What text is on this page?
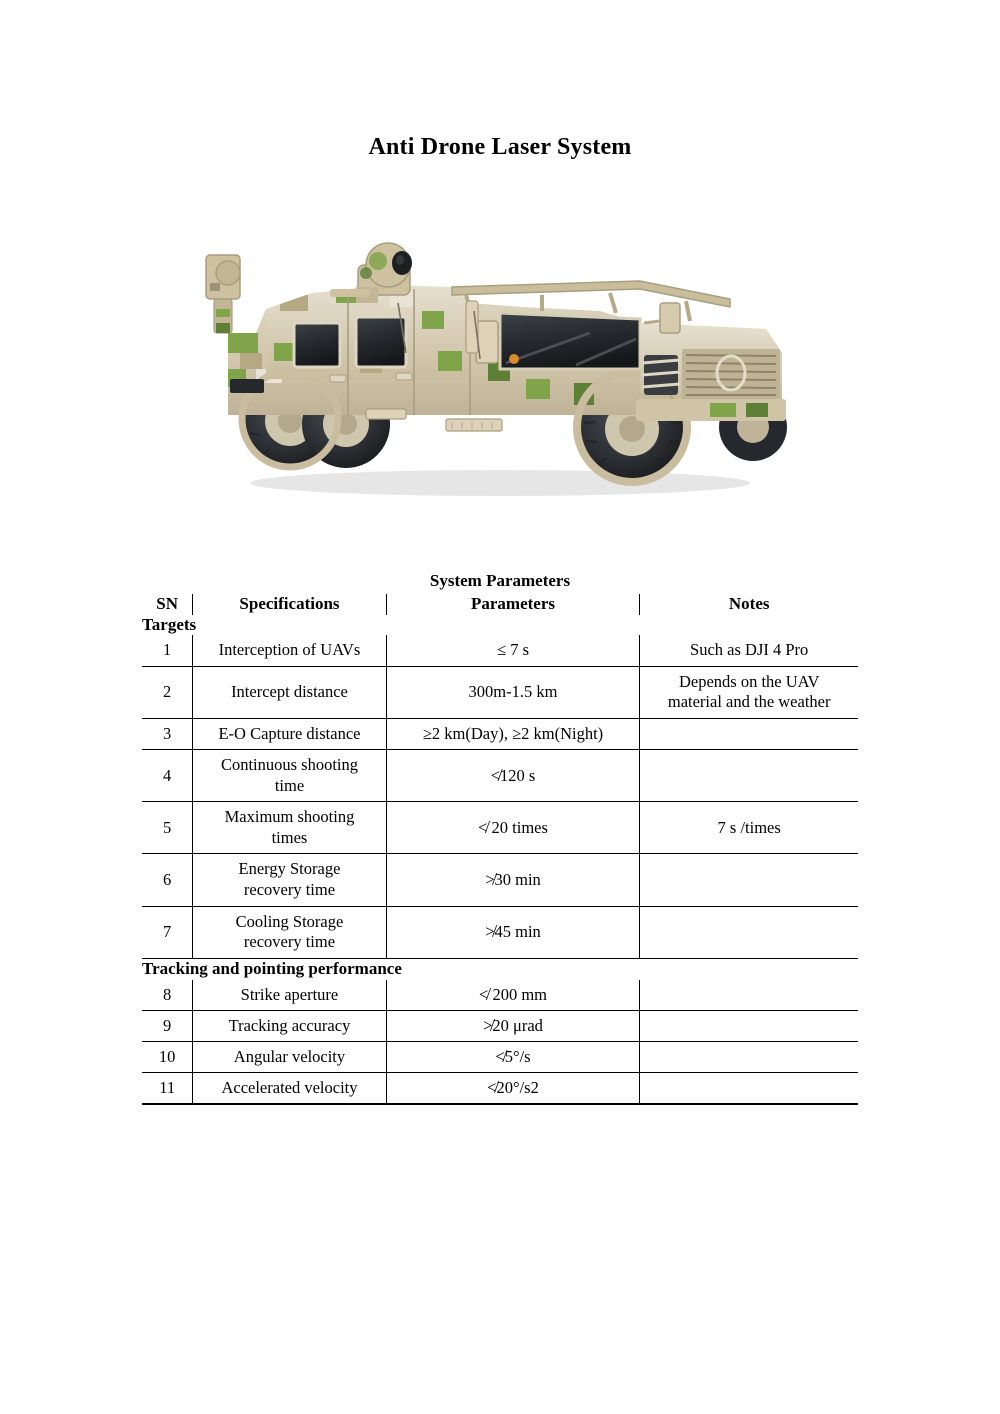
Anti Drone Laser System
System Parameters
SN	Specifications	Parameters	Notes
Targets			
1	Interception of UAVs	≤ 7 s	Such as DJI 4 Pro
2	Intercept distance	300m-1.5 km	Depends on the UAV
material and the weather

3	E-O Capture distance	≥2 km(Day), ≥2 km(Night)	
4	Continuous shooting
time	≮120 s	
5	Maximum shooting
times	≮ 20 times	7 s /times
6	Energy Storage
recovery time	≯30 min	
7	Cooling Storage
recovery time	≯45 min	
Tracking and pointing performance			
8	Strike aperture	≮ 200 mm	
9	Tracking accuracy	≯20 μrad	
10	Angular velocity	≮5°/s	
11	Accelerated velocity	≮20°/s2	
